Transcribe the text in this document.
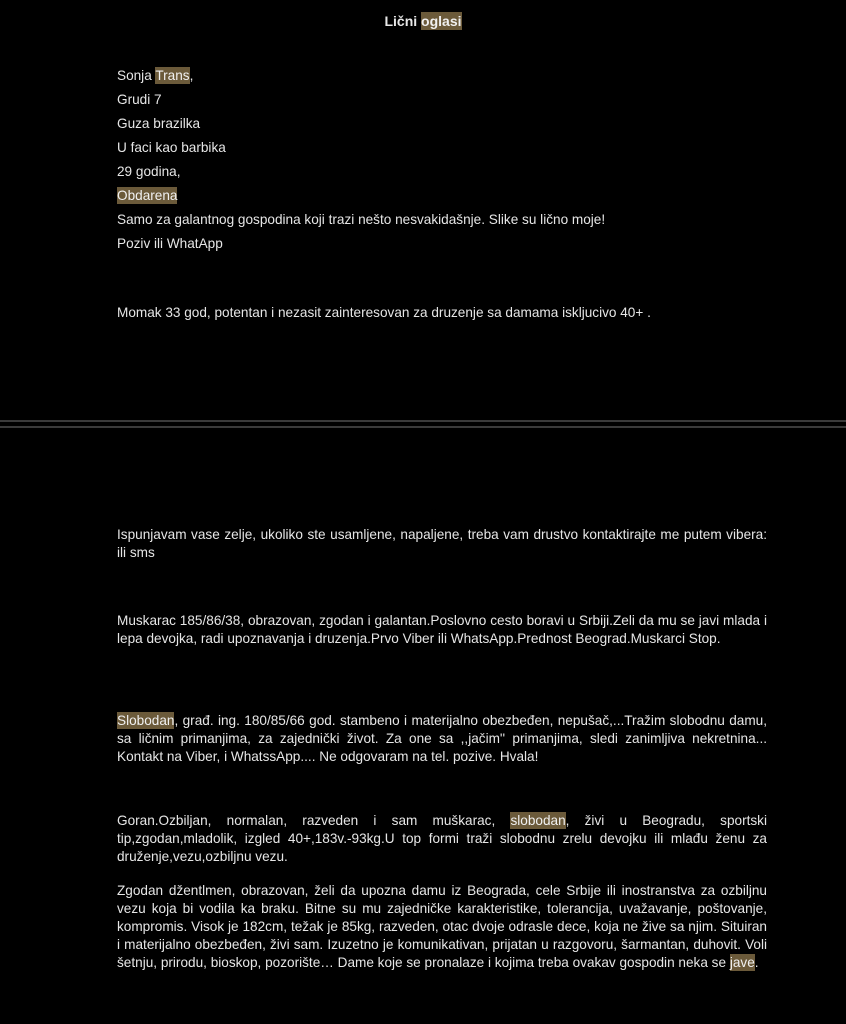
Lični oglasi
Sonja Trans,
Grudi 7
Guza brazilka
U faci kao barbika
29 godina,
Obdarena
Samo za galantnog gospodina koji trazi nešto nesvakidašnje. Slike su lično moje!
Poziv ili WhatApp
Momak 33 god, potentan i nezasit zainteresovan za druzenje sa damama iskljucivo 40+ .
Ispunjavam vase zelje, ukoliko ste usamljene, napaljene, treba vam drustvo kontaktirajte me putem vibera: ili sms
Muskarac 185/86/38, obrazovan, zgodan i galantan.Poslovno cesto boravi u Srbiji.Zeli da mu se javi mlada i lepa devojka, radi upoznavanja i druzenja.Prvo Viber ili WhatsApp.Prednost Beograd.Muskarci Stop.
Slobodan, građ. ing. 180/85/66 god. stambeno i materijalno obezbeđen, nepušač,...Tražim slobodnu damu, sa ličnim primanjima, za zajednički život. Za one sa ,,jačim'' primanjima, sledi zanimljiva nekretnina... Kontakt na Viber, i WhatssApp.... Ne odgovaram na tel. pozive. Hvala!
Goran.Ozbiljan, normalan, razveden i sam muškarac, slobodan, živi u Beogradu, sportski tip,zgodan,mladolik, izgled 40+,183v.-93kg.U top formi traži slobodnu zrelu devojku ili mlađu ženu za druženje,vezu,ozbiljnu vezu.
Zgodan džentlmen, obrazovan, želi da upozna damu iz Beograda, cele Srbije ili inostranstva za ozbiljnu vezu koja bi vodila ka braku. Bitne su mu zajedničke karakteristike, tolerancija, uvažavanje, poštovanje, kompromis. Visok je 182cm, težak je 85kg, razveden, otac dvoje odrasle dece, koja ne žive sa njim. Situiran i materijalno obezbeđen, živi sam. Izuzetno je komunikativan, prijatan u razgovoru, šarmantan, duhovit. Voli šetnju, prirodu, bioskop, pozorište… Dame koje se pronalaze i kojima treba ovakav gospodin neka se jave.
